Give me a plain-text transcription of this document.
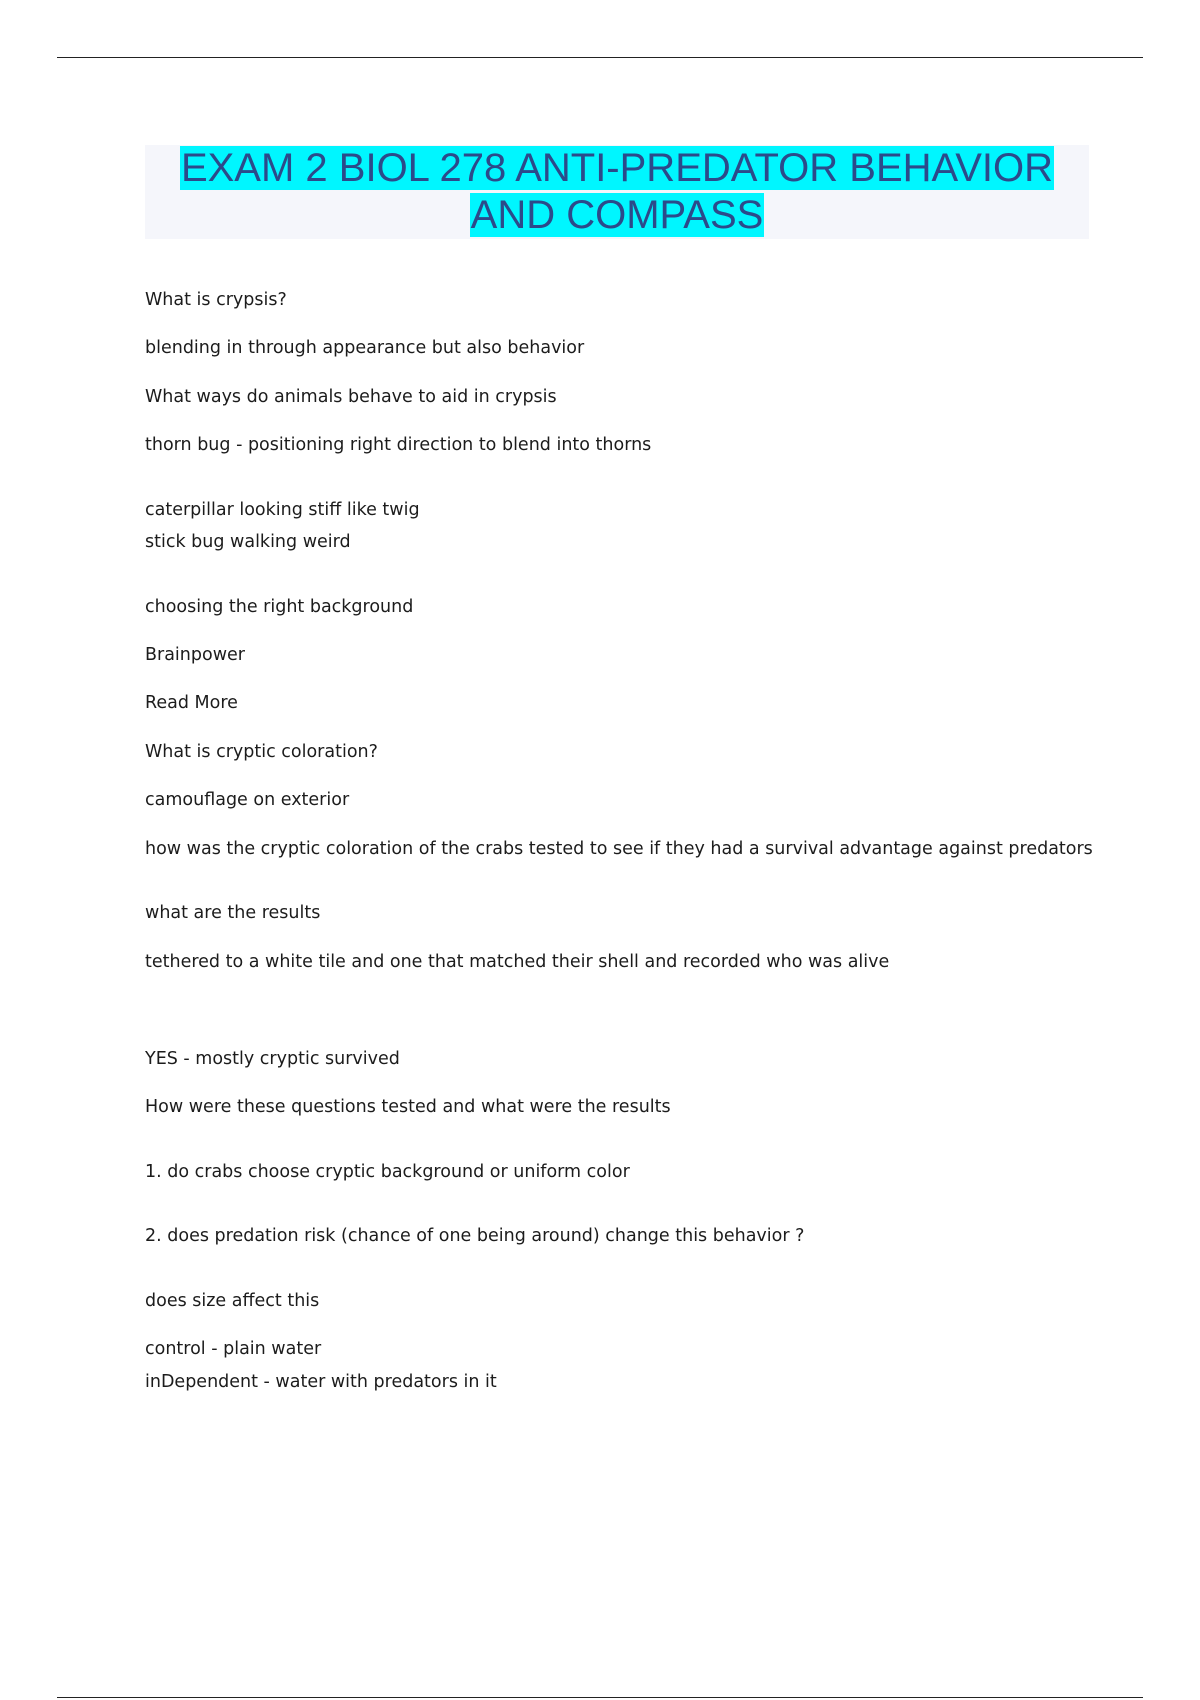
EXAM 2 BIOL 278 ANTI-PREDATOR BEHAVIOR
AND COMPASS
What is crypsis?
blending in through appearance but also behavior
What ways do animals behave to aid in crypsis
thorn bug - positioning right direction to blend into thorns
caterpillar looking stiff like twig
stick bug walking weird
choosing the right background
Brainpower
Read More
What is cryptic coloration?
camouflage on exterior
how was the cryptic coloration of the crabs tested to see if they had a survival advantage against predators
what are the results
tethered to a white tile and one that matched their shell and recorded who was alive
YES - mostly cryptic survived
How were these questions tested and what were the results
1. do crabs choose cryptic background or uniform color
2. does predation risk (chance of one being around) change this behavior ?
does size affect this
control - plain water
inDependent - water with predators in it
